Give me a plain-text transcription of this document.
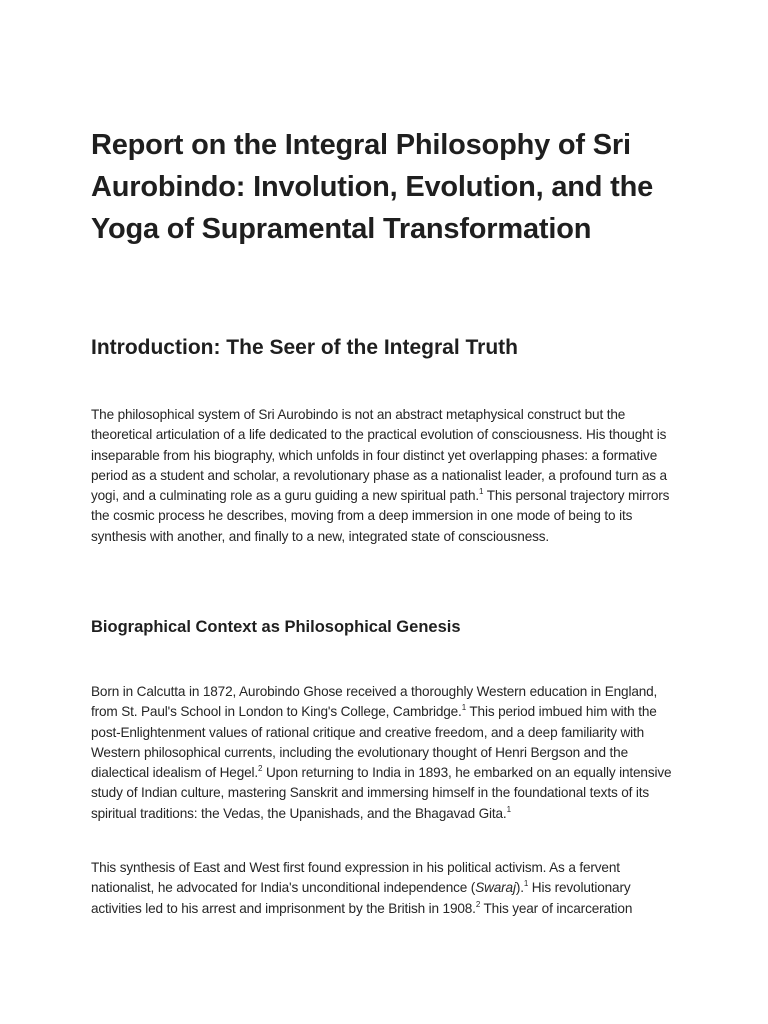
Report on the Integral Philosophy of Sri Aurobindo: Involution, Evolution, and the Yoga of Supramental Transformation
Introduction: The Seer of the Integral Truth

The philosophical system of Sri Aurobindo is not an abstract metaphysical construct but the theoretical articulation of a life dedicated to the practical evolution of consciousness. His thought is inseparable from his biography, which unfolds in four distinct yet overlapping phases: a formative period as a student and scholar, a revolutionary phase as a nationalist leader, a profound turn as a yogi, and a culminating role as a guru guiding a new spiritual path.$^1$ This personal trajectory mirrors the cosmic process he describes, moving from a deep immersion in one mode of being to its synthesis with another, and finally to a new, integrated state of consciousness.

Biographical Context as Philosophical Genesis

Born in Calcutta in 1872, Aurobindo Ghose received a thoroughly Western education in England, from St. Paul's School in London to King's College, Cambridge.$^1$ This period imbued him with the post-Enlightenment values of rational critique and creative freedom, and a deep familiarity with Western philosophical currents, including the evolutionary thought of Henri Bergson and the dialectical idealism of Hegel.$^2$ Upon returning to India in 1893, he embarked on an equally intensive study of Indian culture, mastering Sanskrit and immersing himself in the foundational texts of its spiritual traditions: the Vedas, the Upanishads, and the Bhagavad Gita.$^1$

This synthesis of East and West first found expression in his political activism. As a fervent nationalist, he advocated for India's unconditional independence (Swaraj).$^1$ His revolutionary activities led to his arrest and imprisonment by the British in 1908.$^2$ This year of incarceration
